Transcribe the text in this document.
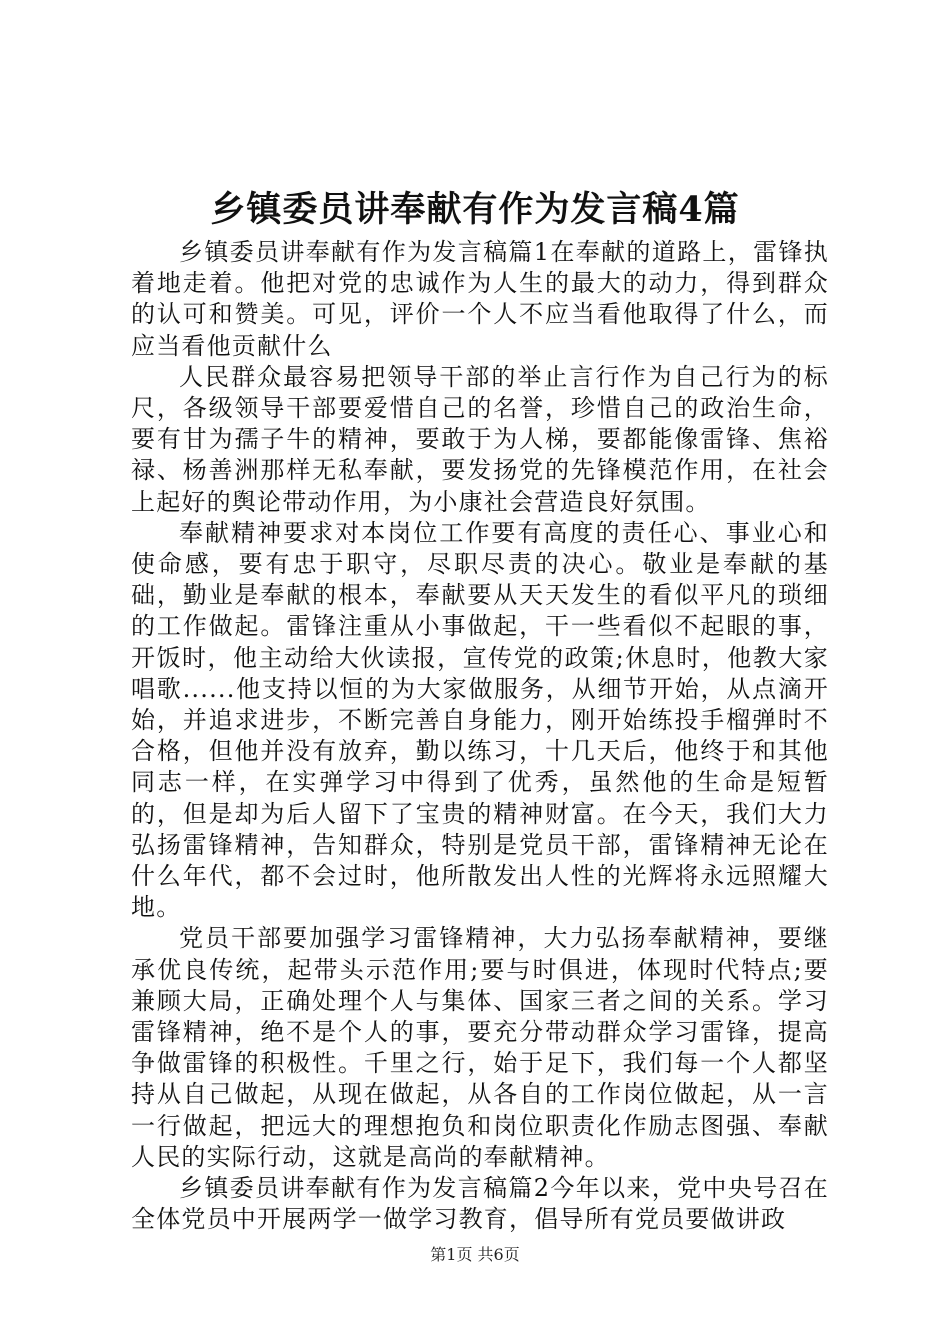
乡镇委员讲奉献有作为发言稿4篇

乡镇委员讲奉献有作为发言稿篇1在奉献的道路上，雷锋执着地走着。他把对党的忠诚作为人生的最大的动力，得到群众的认可和赞美。可见，评价一个人不应当看他取得了什么，而应当看他贡献什么

人民群众最容易把领导干部的举止言行作为自己行为的标尺，各级领导干部要爱惜自己的名誉，珍惜自己的政治生命，要有甘为孺子牛的精神，要敢于为人梯，要都能像雷锋、焦裕禄、杨善洲那样无私奉献，要发扬党的先锋模范作用，在社会上起好的舆论带动作用，为小康社会营造良好氛围。

奉献精神要求对本岗位工作要有高度的责任心、事业心和使命感，要有忠于职守，尽职尽责的决心。敬业是奉献的基础，勤业是奉献的根本，奉献要从天天发生的看似平凡的琐细的工作做起。雷锋注重从小事做起，干一些看似不起眼的事，开饭时，他主动给大伙读报，宣传党的政策;休息时，他教大家唱歌......他支持以恒的为大家做服务，从细节开始，从点滴开始，并追求进步，不断完善自身能力，刚开始练投手榴弹时不合格，但他并没有放弃，勤以练习，十几天后，他终于和其他同志一样，在实弹学习中得到了优秀，虽然他的生命是短暂的，但是却为后人留下了宝贵的精神财富。在今天，我们大力弘扬雷锋精神，告知群众，特别是党员干部，雷锋精神无论在什么年代，都不会过时，他所散发出人性的光辉将永远照耀大地。

党员干部要加强学习雷锋精神，大力弘扬奉献精神，要继承优良传统，起带头示范作用;要与时俱进，体现时代特点;要兼顾大局，正确处理个人与集体、国家三者之间的关系。学习雷锋精神，绝不是个人的事，要充分带动群众学习雷锋，提高争做雷锋的积极性。千里之行，始于足下，我们每一个人都坚持从自己做起，从现在做起，从各自的工作岗位做起，从一言一行做起，把远大的理想抱负和岗位职责化作励志图强、奉献人民的实际行动，这就是高尚的奉献精神。

乡镇委员讲奉献有作为发言稿篇2今年以来，党中央号召在全体党员中开展两学一做学习教育，倡导所有党员要做讲政

第1页 共6页
